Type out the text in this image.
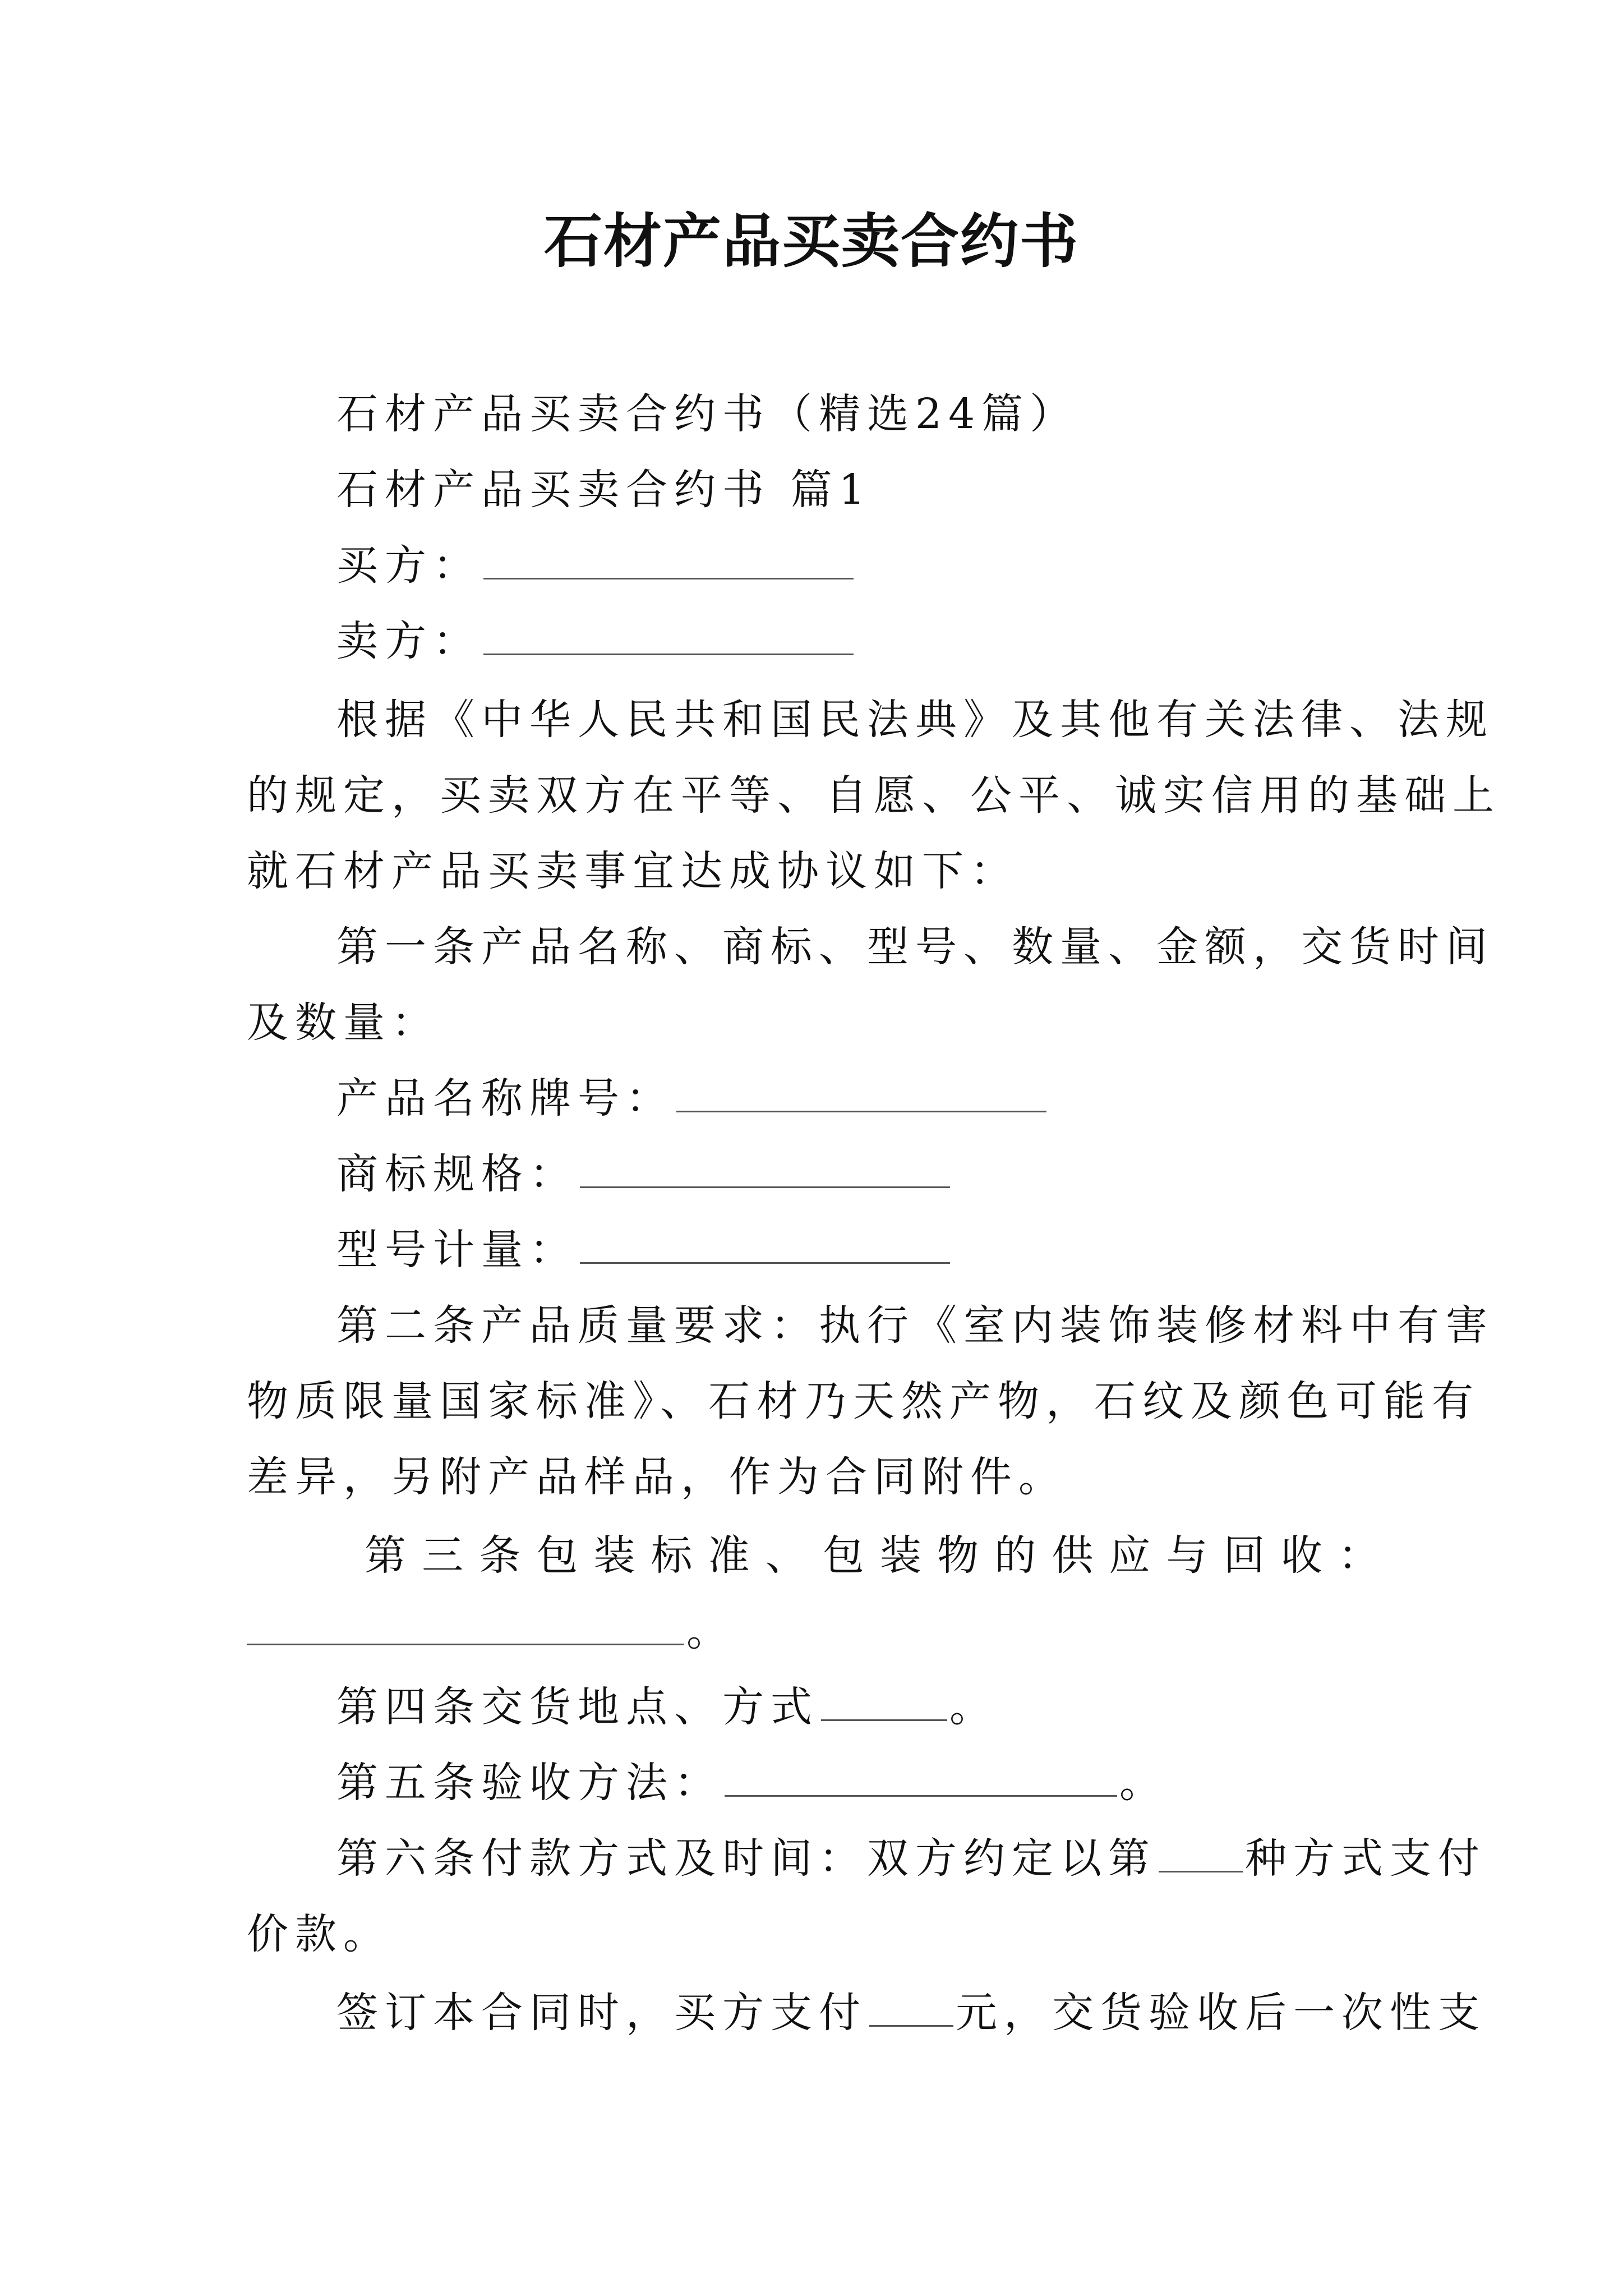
石材产品买卖合约书
石材产品买卖合约书（精选24篇）
石材产品买卖合约书 篇1
买方：
卖方：
根据《中华人民共和国民法典》及其他有关法律、法规
的规定，买卖双方在平等、自愿、公平、诚实信用的基础上
就石材产品买卖事宜达成协议如下：
第一条产品名称、商标、型号、数量、金额，交货时间
及数量：
产品名称牌号：
商标规格：
型号计量：
第二条产品质量要求：执行《室内装饰装修材料中有害
物质限量国家标准》、石材乃天然产物，石纹及颜色可能有
差异，另附产品样品，作为合同附件。
第 三 条 包 装 标 准 、 包 装 物 的 供 应 与 回 收 ：
。
第四条交货地点、方式	。
第五条验收方法：	。
第六条付款方式及时间：双方约定以第 种方式支付
价款。
签订本合同时，买方支付 元，交货验收后一次性支
